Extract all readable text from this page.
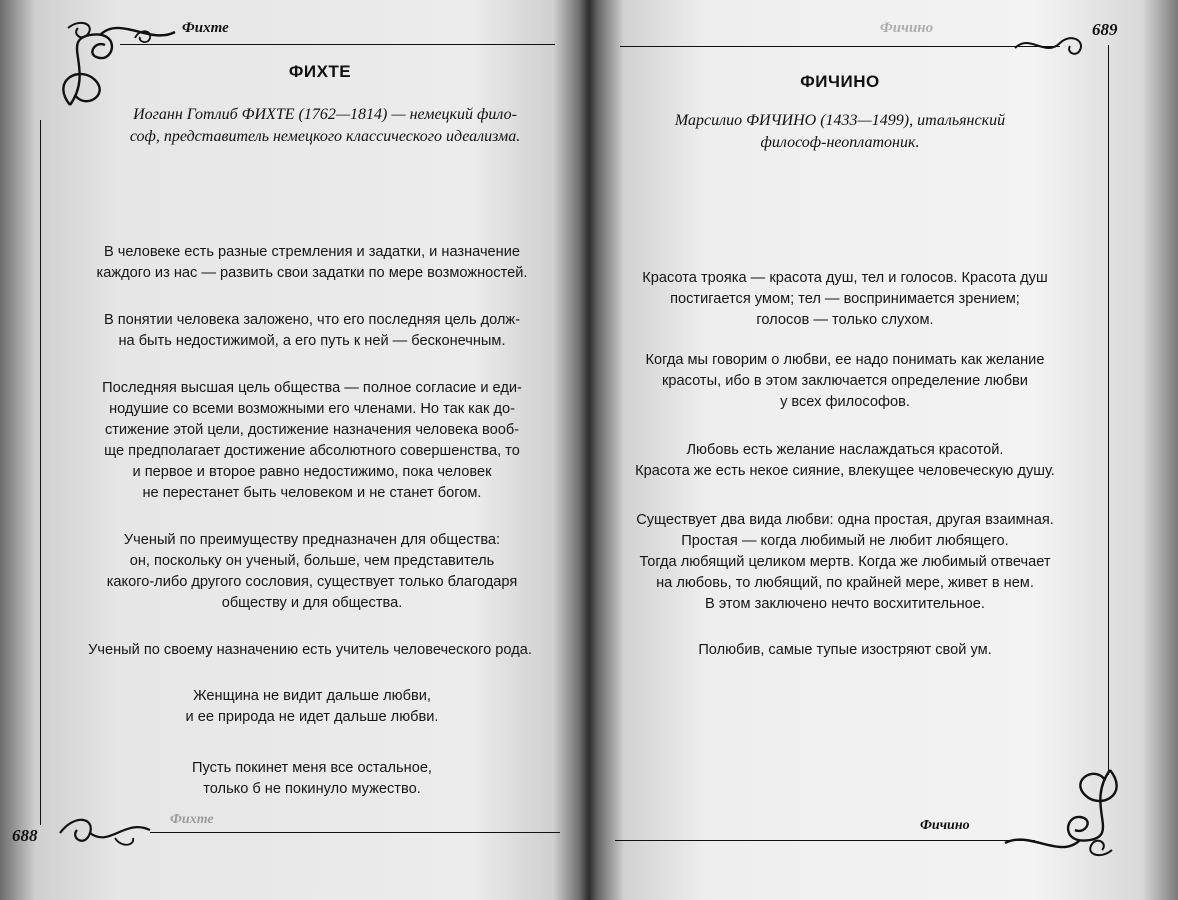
Фихте
ФИХТЕ
Иоганн Готлиб ФИХТЕ (1762—1814) — немецкий фило-
соф, представитель немецкого классического идеализма.
В человеке есть разные стремления и задатки, и назначение
каждого из нас — развить свои задатки по мере возможностей.
В понятии человека заложено, что его последняя цель долж-
на быть недостижимой, а его путь к ней — бесконечным.
Последняя высшая цель общества — полное согласие и еди-
нодушие со всеми возможными его членами. Но так как до-
стижение этой цели, достижение назначения человека вооб-
ще предполагает достижение абсолютного совершенства, то
и первое и второе равно недостижимо, пока человек
не перестанет быть человеком и не станет богом.
Ученый по преимуществу предназначен для общества:
он, поскольку он ученый, больше, чем представитель
какого-либо другого сословия, существует только благодаря
обществу и для общества.
Ученый по своему назначению есть учитель человеческого рода.
Женщина не видит дальше любви,
и ее природа не идет дальше любви.
Пусть покинет меня все остальное,
только б не покинуло мужество.
688
Фихте
Фичино	689
ФИЧИНО
Марсилио ФИЧИНО (1433—1499), итальянский
философ-неоплатоник.
Красота трояка — красота душ, тел и голосов. Красота душ
постигается умом; тел — воспринимается зрением;
голосов — только слухом.
Когда мы говорим о любви, ее надо понимать как желание
красоты, ибо в этом заключается определение любви
у всех философов.
Любовь есть желание наслаждаться красотой.
Красота же есть некое сияние, влекущее человеческую душу.
Существует два вида любви: одна простая, другая взаимная.
Простая — когда любимый не любит любящего.
Тогда любящий целиком мертв. Когда же любимый отвечает
на любовь, то любящий, по крайней мере, живет в нем.
В этом заключено нечто восхитительное.
Полюбив, самые тупые изостряют свой ум.
Фичино
